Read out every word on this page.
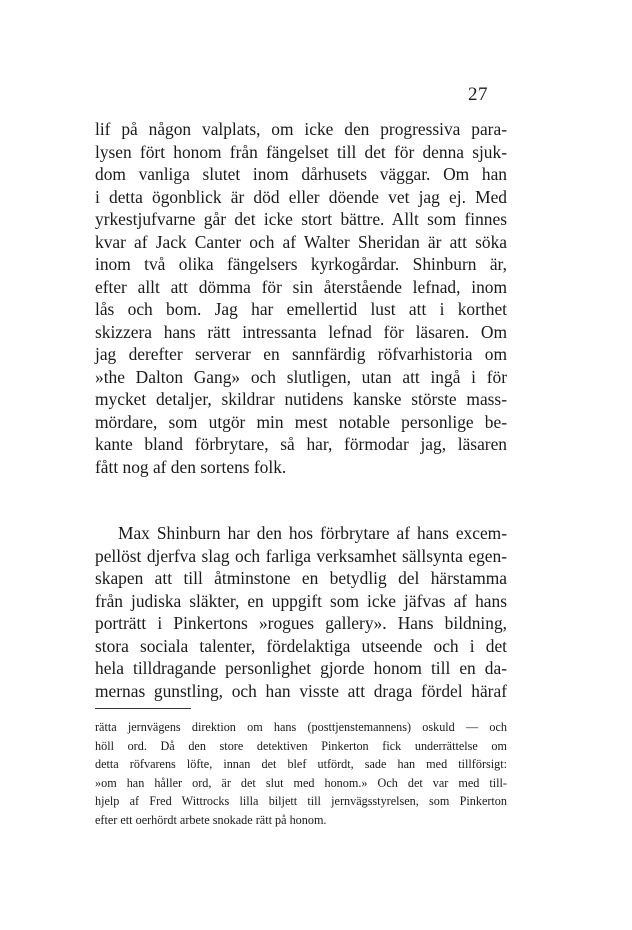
27
lif på någon valplats, om icke den progressiva para-
lysen fört honom från fängelset till det för denna sjuk-
dom vanliga slutet inom dårhusets väggar. Om han
i detta ögonblick är död eller döende vet jag ej. Med
yrkestjufvarne går det icke stort bättre. Allt som finnes
kvar af Jack Canter och af Walter Sheridan är att söka
inom två olika fängelsers kyrkogårdar. Shinburn är,
efter allt att dömma för sin återstående lefnad, inom
lås och bom. Jag har emellertid lust att i korthet
skizzera hans rätt intressanta lefnad för läsaren. Om
jag derefter serverar en sannfärdig röfvarhistoria om
»the Dalton Gang» och slutligen, utan att ingå i för
mycket detaljer, skildrar nutidens kanske störste mass-
mördare, som utgör min mest notable personlige be-
kante bland förbrytare, så har, förmodar jag, läsaren
fått nog af den sortens folk.
Max Shinburn har den hos förbrytare af hans excem-
pellöst djerfva slag och farliga verksamhet sällsynta egen-
skapen att till åtminstone en betydlig del härstamma
från judiska släkter, en uppgift som icke jäfvas af hans
porträtt i Pinkertons »rogues gallery». Hans bildning,
stora sociala talenter, fördelaktiga utseende och i det
hela tilldragande personlighet gjorde honom till en da-
mernas gunstling, och han visste att draga fördel häraf
rätta jernvägens direktion om hans (posttjenstemannens) oskuld — och
höll ord. Då den store detektiven Pinkerton fick underrättelse om
detta röfvarens löfte, innan det blef utfördt, sade han med tillförsigt:
»om han håller ord, är det slut med honom.» Och det var med till-
hjelp af Fred Wittrocks lilla biljett till jernvägsstyrelsen, som Pinkerton
efter ett oerhördt arbete snokade rätt på honom.
